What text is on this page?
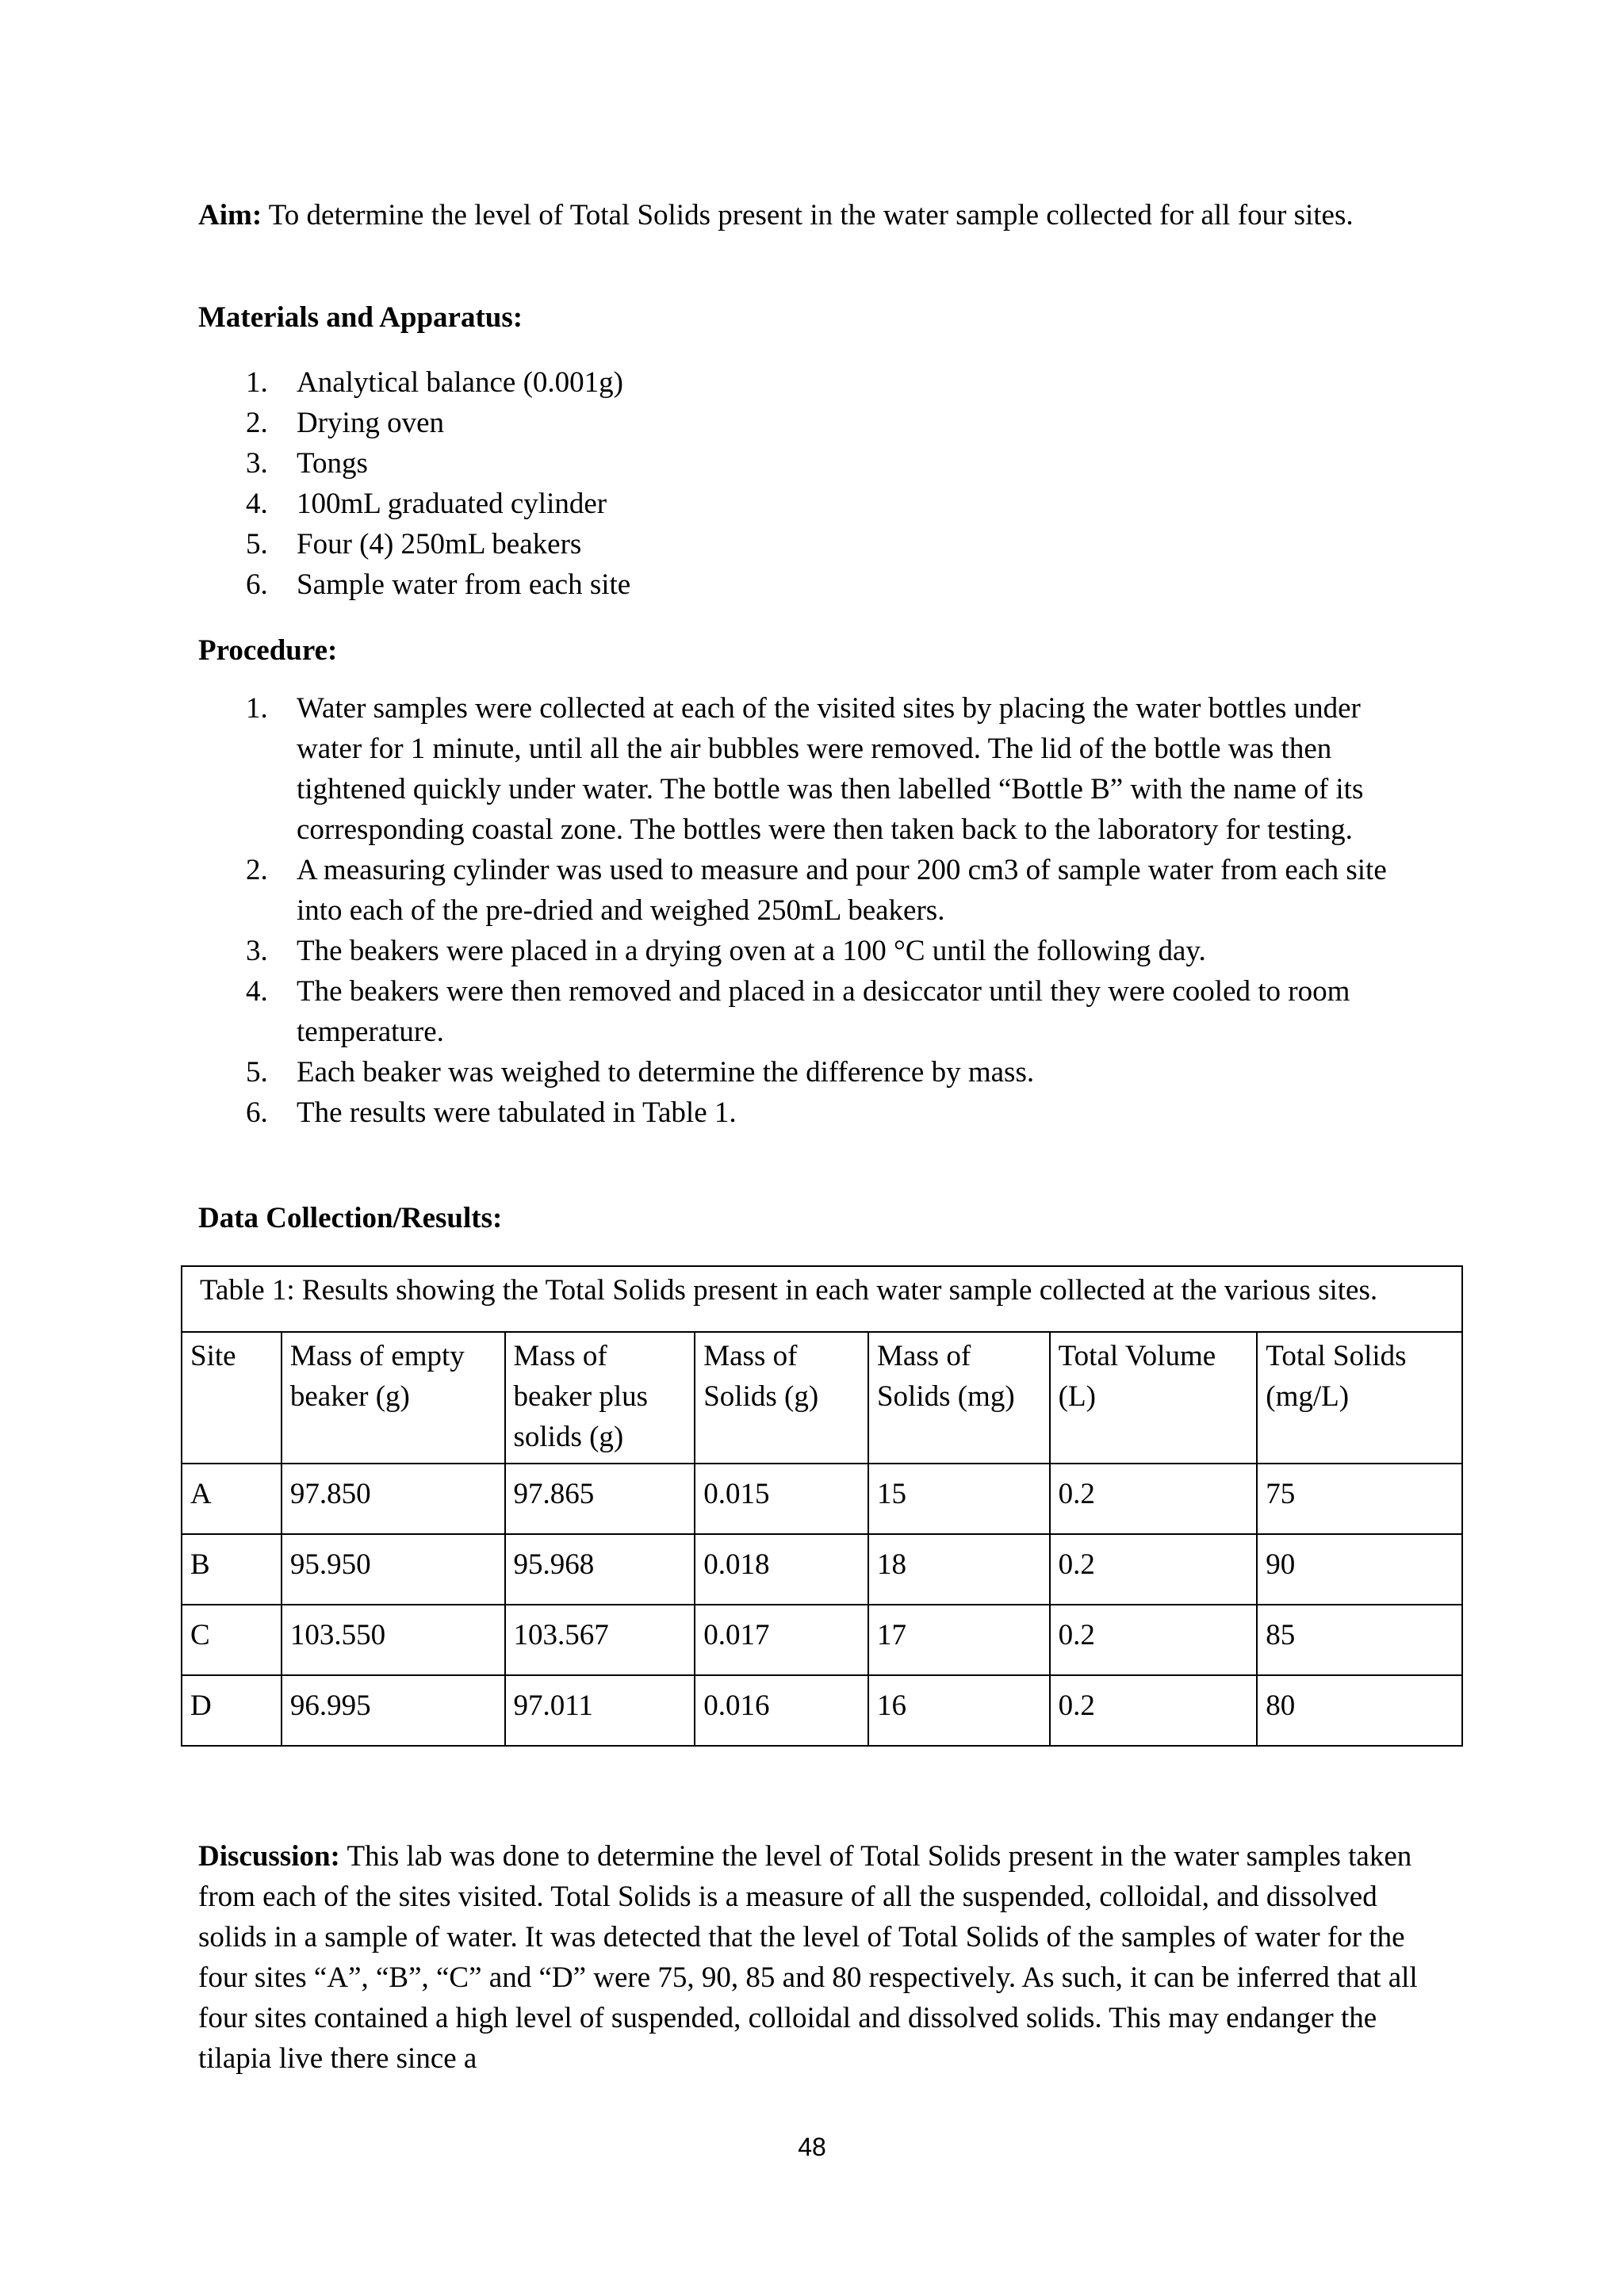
Aim: To determine the level of Total Solids present in the water sample collected for all four sites.

Materials and Apparatus:

1. Analytical balance (0.001g)
2. Drying oven
3. Tongs
4. 100mL graduated cylinder
5. Four (4) 250mL beakers
6. Sample water from each site

Procedure:

1. Water samples were collected at each of the visited sites by placing the water bottles under water for 1 minute, until all the air bubbles were removed. The lid of the bottle was then tightened quickly under water. The bottle was then labelled “Bottle B” with the name of its corresponding coastal zone. The bottles were then taken back to the laboratory for testing.
2. A measuring cylinder was used to measure and pour 200 cm3 of sample water from each site into each of the pre-dried and weighed 250mL beakers.
3. The beakers were placed in a drying oven at a 100 °C until the following day.
4. The beakers were then removed and placed in a desiccator until they were cooled to room temperature.
5. Each beaker was weighed to determine the difference by mass.
6. The results were tabulated in Table 1.

Data Collection/Results:

Table 1: Results showing the Total Solids present in each water sample collected at the various sites.						
Site	Mass of empty beaker (g)	Mass of beaker plus solids (g)	Mass of Solids (g)	Mass of Solids (mg)	Total Volume (L)	Total Solids (mg/L)
A	97.850	97.865	0.015	15	0.2	75
B	95.950	95.968	0.018	18	0.2	90
C	103.550	103.567	0.017	17	0.2	85
D	96.995	97.011	0.016	16	0.2	80

Discussion: This lab was done to determine the level of Total Solids present in the water samples taken from each of the sites visited. Total Solids is a measure of all the suspended, colloidal, and dissolved solids in a sample of water. It was detected that the level of Total Solids of the samples of water for the four sites “A”, “B”, “C” and “D” were 75, 90, 85 and 80 respectively. As such, it can be inferred that all four sites contained a high level of suspended, colloidal and dissolved solids. This may endanger the tilapia live there since a

48
